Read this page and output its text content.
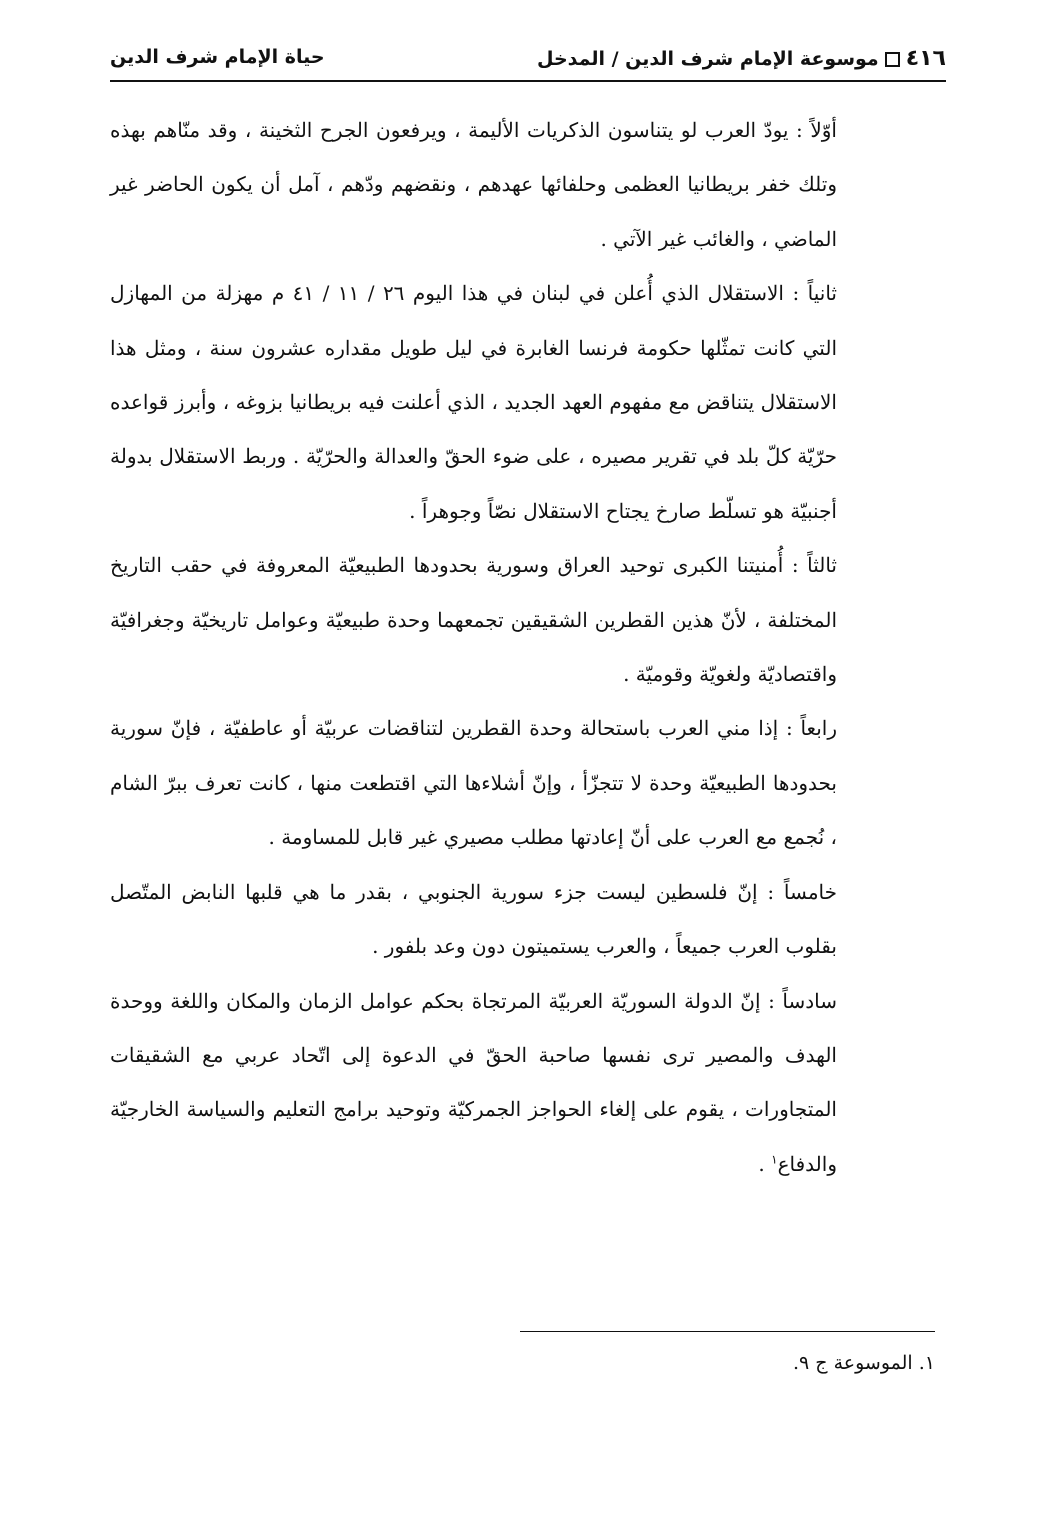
٤١٦موسوعة الإمام شرف الدين / المدخل
حياة الإمام شرف الدين

أوّلاً : يودّ العرب لو يتناسون الذكريات الأليمة ، ويرفعون الجرح الثخينة ، وقد منّاهم بهذه وتلك خفر بريطانيا العظمى وحلفائها عهدهم ، ونقضهم ودّهم ، آمل أن يكون الحاضر غير الماضي ، والغائب غير الآتي .

ثانياً : الاستقلال الذي أُعلن في لبنان في هذا اليوم ٢٦ / ١١ / ٤١ م مهزلة من المهازل التي كانت تمثّلها حكومة فرنسا الغابرة في ليل طويل مقداره عشرون سنة ، ومثل هذا الاستقلال يتناقض مع مفهوم العهد الجديد ، الذي أعلنت فيه بريطانيا بزوغه ، وأبرز قواعده حرّيّة كلّ بلد في تقرير مصيره ، على ضوء الحقّ والعدالة والحرّيّة . وربط الاستقلال بدولة أجنبيّة هو تسلّط صارخ يجتاح الاستقلال نصّاً وجوهراً .

ثالثاً : أُمنيتنا الكبرى توحيد العراق وسورية بحدودها الطبيعيّة المعروفة في حقب التاريخ المختلفة ، لأنّ هذين القطرين الشقيقين تجمعهما وحدة طبيعيّة وعوامل تاريخيّة وجغرافيّة واقتصاديّة ولغويّة وقوميّة .

رابعاً : إذا مني العرب باستحالة وحدة القطرين لتناقضات عربيّة أو عاطفيّة ، فإنّ سورية بحدودها الطبيعيّة وحدة لا تتجزّأ ، وإنّ أشلاءها التي اقتطعت منها ، كانت تعرف ببرّ الشام ، نُجمع مع العرب على أنّ إعادتها مطلب مصيري غير قابل للمساومة .

خامساً : إنّ فلسطين ليست جزء سورية الجنوبي ، بقدر ما هي قلبها النابض المتّصل بقلوب العرب جميعاً ، والعرب يستميتون دون وعد بلفور .

سادساً : إنّ الدولة السوريّة العربيّة المرتجاة بحكم عوامل الزمان والمكان واللغة ووحدة الهدف والمصير ترى نفسها صاحبة الحقّ في الدعوة إلى اتّحاد عربي مع الشقيقات المتجاورات ، يقوم على إلغاء الحواجز الجمركيّة وتوحيد برامج التعليم والسياسة الخارجيّة والدفاع$^١$ .

١. الموسوعة ج ٩.
